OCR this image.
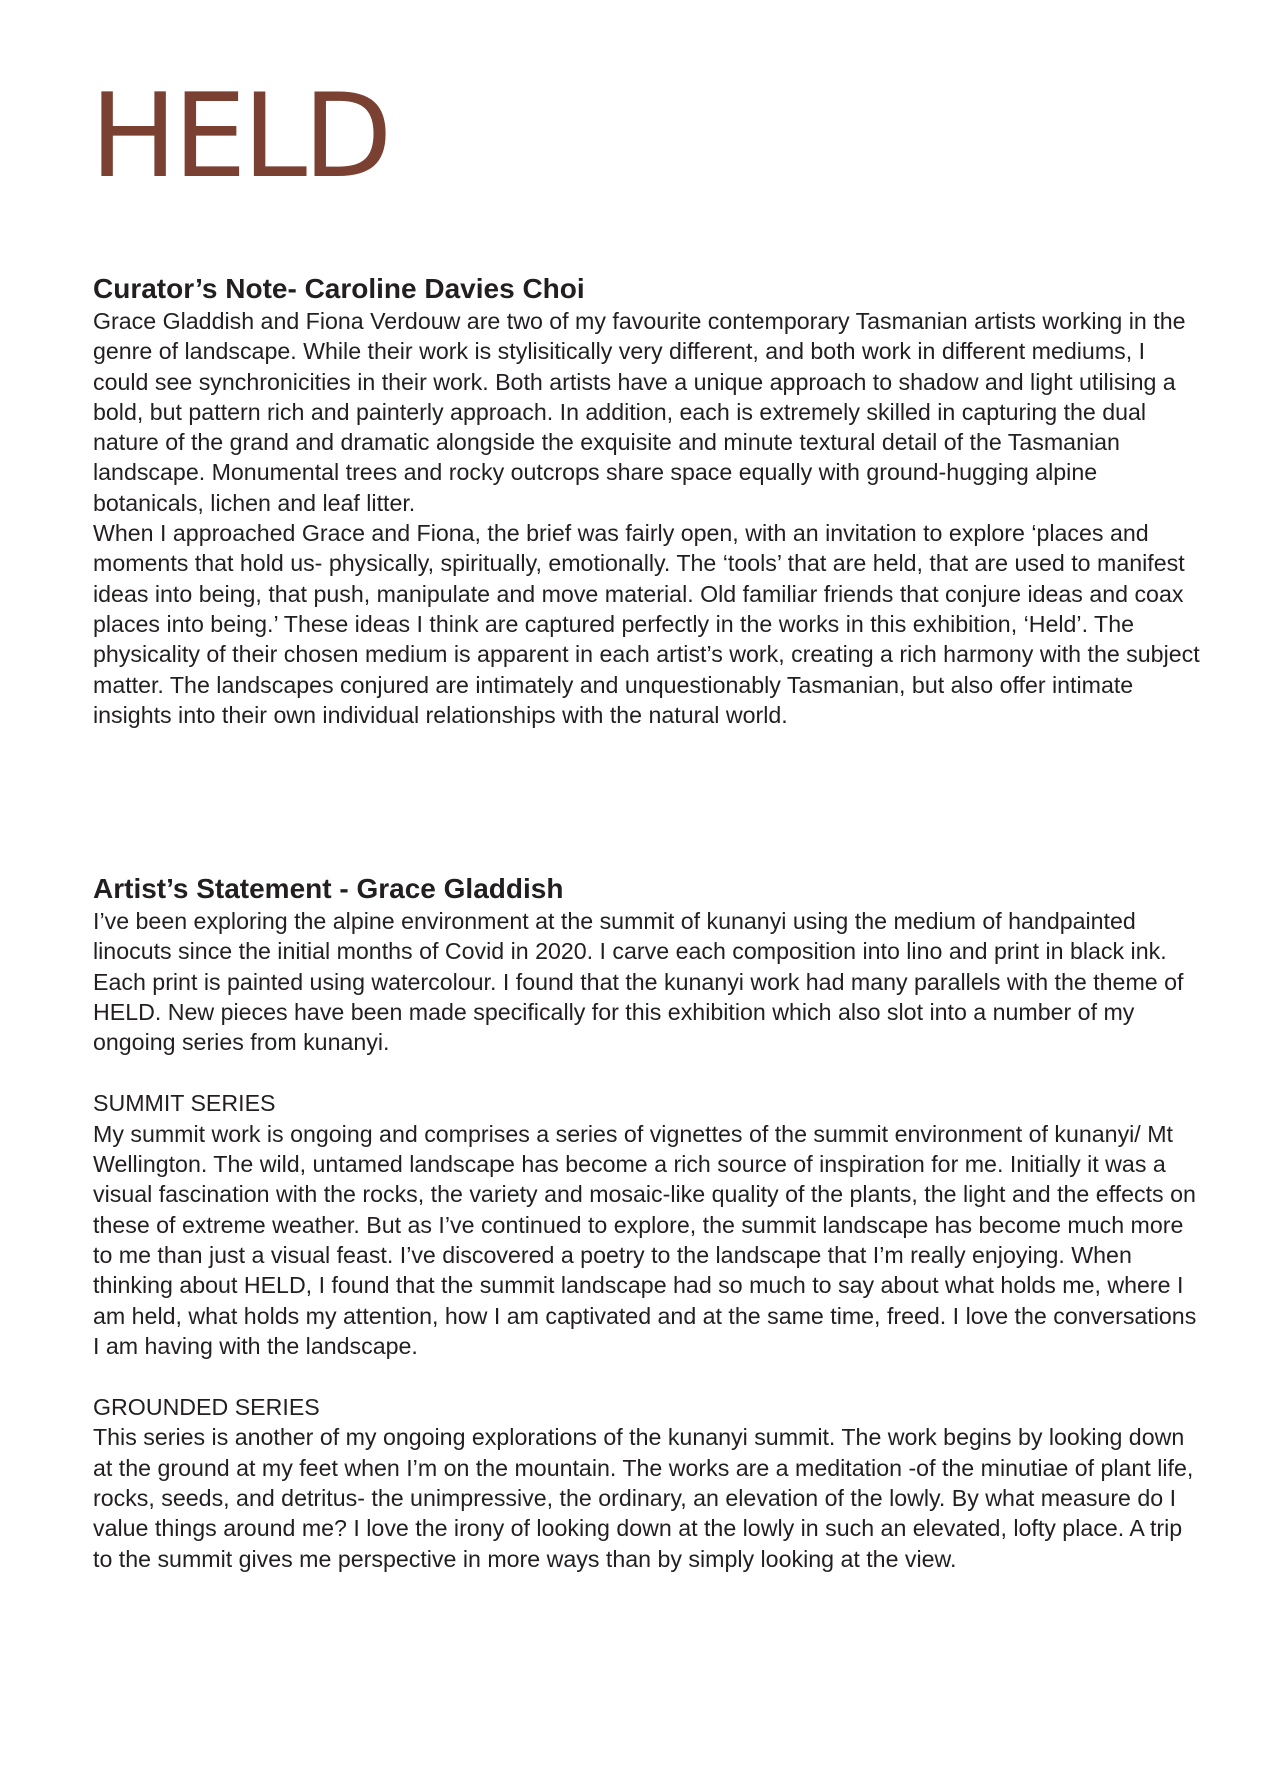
HELD
Curator’s Note- Caroline Davies Choi

Grace Gladdish and Fiona Verdouw are two of my favourite contemporary Tasmanian artists working in the genre of landscape. While their work is stylisitically very different, and both work in different mediums, I could see synchronicities in their work. Both artists have a unique approach to shadow and light utilising a bold, but pattern rich and painterly approach. In addition, each is extremely skilled in capturing the dual nature of the grand and dramatic alongside the exquisite and minute textural detail of the Tasmanian landscape. Monumental trees and rocky outcrops share space equally with ground-hugging alpine botanicals, lichen and leaf litter.

When I approached Grace and Fiona, the brief was fairly open, with an invitation to explore ‘places and moments that hold us- physically, spiritually, emotionally. The ‘tools’ that are held, that are used to manifest ideas into being, that push, manipulate and move material. Old familiar friends that conjure ideas and coax places into being.’ These ideas I think are captured perfectly in the works in this exhibition, ‘Held’. The physicality of their chosen medium is apparent in each artist’s work, creating a rich harmony with the subject matter. The landscapes conjured are intimately and unquestionably Tasmanian, but also offer intimate insights into their own individual relationships with the natural world.

Artist’s Statement - Grace Gladdish

I’ve been exploring the alpine environment at the summit of kunanyi using the medium of handpainted linocuts since the initial months of Covid in 2020. I carve each composition into lino and print in black ink. Each print is painted using watercolour. I found that the kunanyi work had many parallels with the theme of HELD. New pieces have been made specifically for this exhibition which also slot into a number of my ongoing series from kunanyi.

SUMMIT SERIES

My summit work is ongoing and comprises a series of vignettes of the summit environment of kunanyi/ Mt Wellington. The wild, untamed landscape has become a rich source of inspiration for me. Initially it was a visual fascination with the rocks, the variety and mosaic-like quality of the plants, the light and the effects on these of extreme weather. But as I’ve continued to explore, the summit landscape has become much more to me than just a visual feast. I’ve discovered a poetry to the landscape that I’m really enjoying. When thinking about HELD, I found that the summit landscape had so much to say about what holds me, where I am held, what holds my attention, how I am captivated and at the same time, freed. I love the conversations I am having with the landscape.

GROUNDED SERIES

This series is another of my ongoing explorations of the kunanyi summit. The work begins by looking down at the ground at my feet when I’m on the mountain. The works are a meditation -of the minutiae of plant life, rocks, seeds, and detritus- the unimpressive, the ordinary, an elevation of the lowly. By what measure do I value things around me? I love the irony of looking down at the lowly in such an elevated, lofty place. A trip to the summit gives me perspective in more ways than by simply looking at the view.
